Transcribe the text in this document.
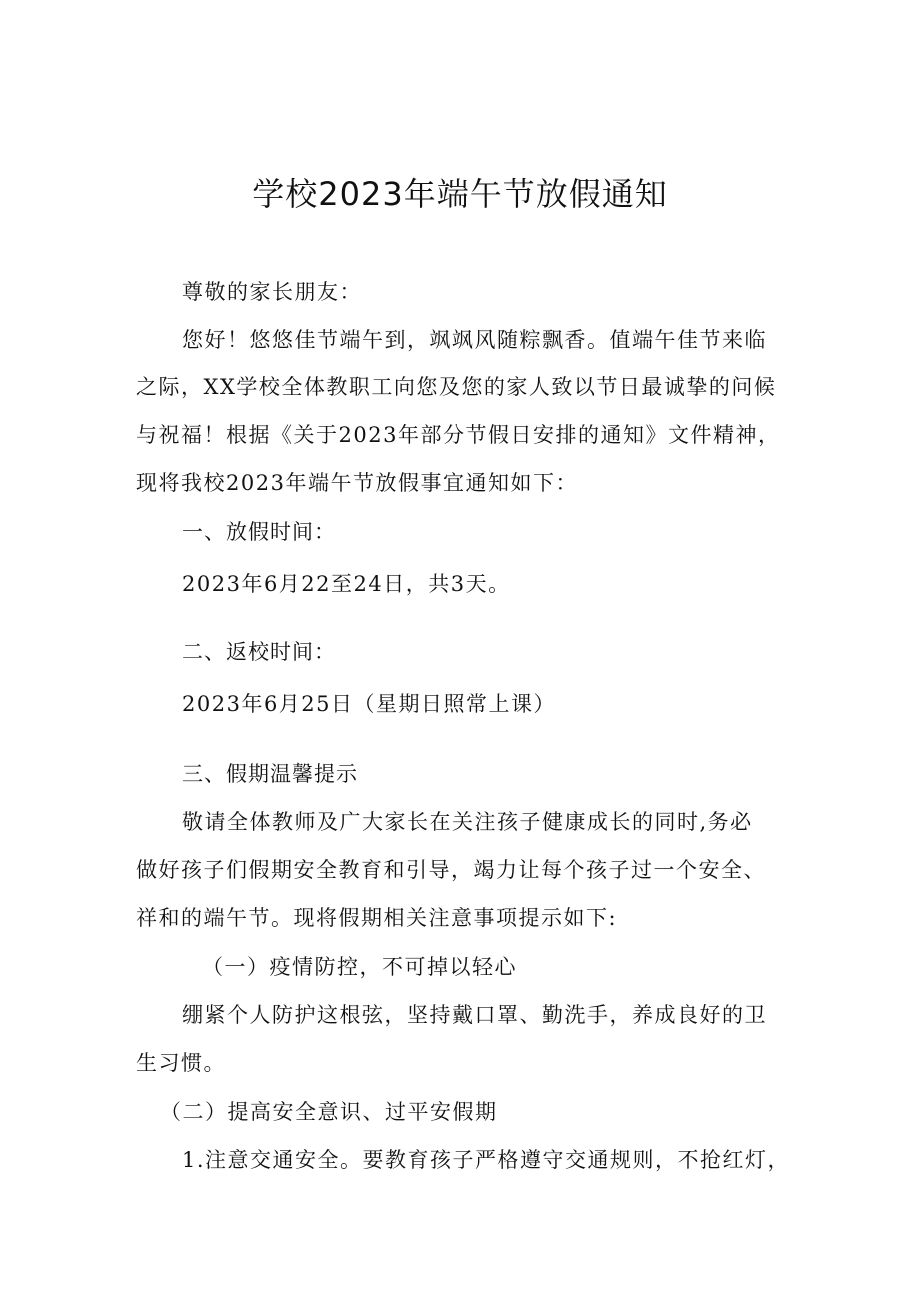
学校2023年端午节放假通知

尊敬的家长朋友：

您好！悠悠佳节端午到，飒飒风随粽飘香。值端午佳节来临

之际，XX学校全体教职工向您及您的家人致以节日最诚挚的问候

与祝福！根据《关于2023年部分节假日安排的通知》文件精神，

现将我校2023年端午节放假事宜通知如下：

一、放假时间：

2023年6月22至24日，共3天。

二、返校时间：

2023年6月25日（星期日照常上课）

三、假期温馨提示

敬请全体教师及广大家长在关注孩子健康成长的同时,务必

做好孩子们假期安全教育和引导，竭力让每个孩子过一个安全、

祥和的端午节。现将假期相关注意事项提示如下:

（一）疫情防控，不可掉以轻心

绷紧个人防护这根弦，坚持戴口罩、勤洗手，养成良好的卫

生习惯。

（二）提高安全意识、过平安假期

1.注意交通安全。要教育孩子严格遵守交通规则，不抢红灯，
